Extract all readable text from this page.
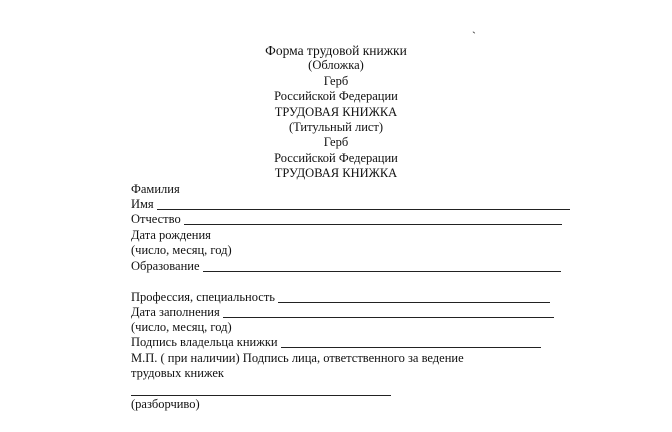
`
Форма трудовой книжки
(Обложка)
Герб
Российской Федерации
ТРУДОВАЯ КНИЖКА
(Титульный лист)
Герб
Российской Федерации
ТРУДОВАЯ КНИЖКА
Фамилия
Имя
Отчество
Дата рождения
(число, месяц, год)
Образование
Профессия, специальность
Дата заполнения
(число, месяц, год)
Подпись владельца книжки
М.П. ( при наличии) Подпись лица, ответственного за ведение
трудовых книжек
(разборчиво)
